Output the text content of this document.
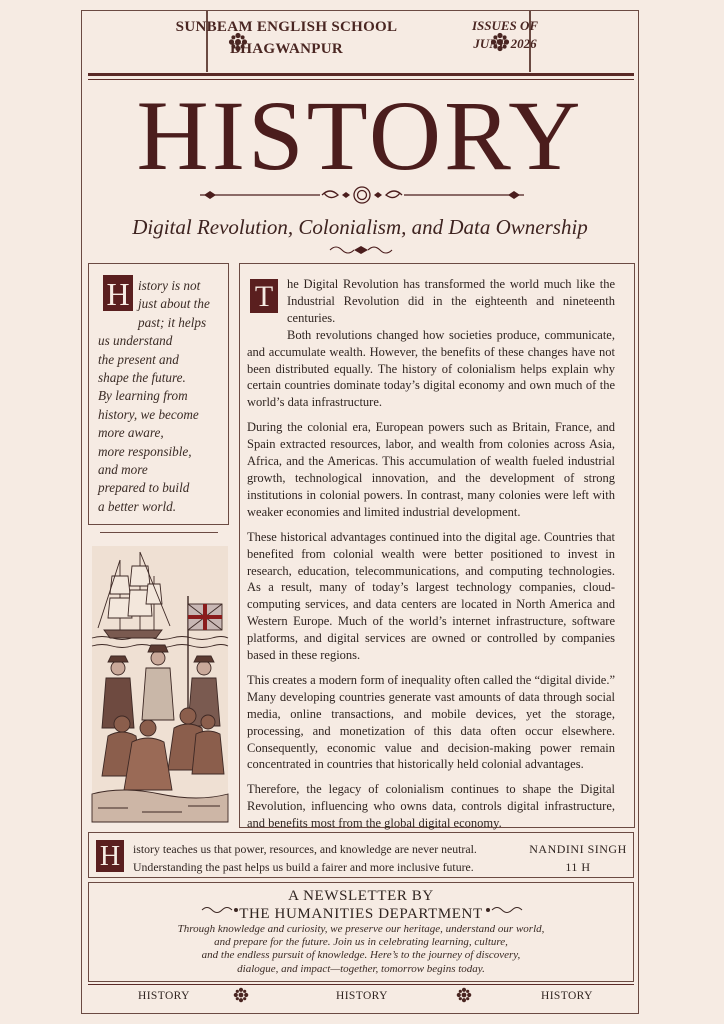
SUNBEAM ENGLISH SCHOOL
BHAGWANPUR
ISSUES OF
JUNE 2026
HISTORY
Digital Revolution, Colonialism, and Data Ownership
H istory is not
just about the
past; it helps
us understand
the present and
shape the future.
By learning from
history, we become
more aware,
more responsible,
and more
prepared to build
a better world.
T	he Digital Revolution has transformed the world much like the Industrial Revolution did in the eighteenth and nineteenth centuries.
Both revolutions changed how societies produce, communicate, and accumulate wealth. However, the benefits of these changes have not been distributed equally. The history of colonialism helps explain why certain countries dominate today’s digital economy and own much of the world’s data infrastructure.

During the colonial era, European powers such as Britain, France, and Spain extracted resources, labor, and wealth from colonies across Asia, Africa, and the Americas. This accumulation of wealth fueled industrial growth, technological innovation, and the development of strong institutions in colonial powers. In contrast, many colonies were left with weaker economies and limited industrial development.

These historical advantages continued into the digital age. Countries that benefited from colonial wealth were better positioned to invest in research, education, telecommunications, and computing technologies. As a result, many of today’s largest technology companies, cloud-computing services, and data centers are located in North America and Western Europe. Much of the world’s internet infrastructure, software platforms, and digital services are owned or controlled by companies based in these regions.

This creates a modern form of inequality often called the “digital divide.” Many developing countries generate vast amounts of data through social media, online transactions, and mobile devices, yet the storage, processing, and monetization of this data often occur elsewhere. Consequently, economic value and decision-making power remain concentrated in countries that historically held colonial advantages.

Therefore, the legacy of colonialism continues to shape the Digital Revolution, influencing who owns data, controls digital infrastructure, and benefits most from the global digital economy.

H	istory teaches us that power, resources, and knowledge are never neutral.
Understanding the past helps us build a fairer and more inclusive future.
NANDINI SINGH
11 H
A NEWSLETTER BY
THE HUMANITIES DEPARTMENT
Through knowledge and curiosity, we preserve our heritage, understand our world,
and prepare for the future. Join us in celebrating learning, culture,
and the endless pursuit of knowledge. Here’s to the journey of discovery,
dialogue, and impact—together, tomorrow begins today.
HISTORY	HISTORY	HISTORY
